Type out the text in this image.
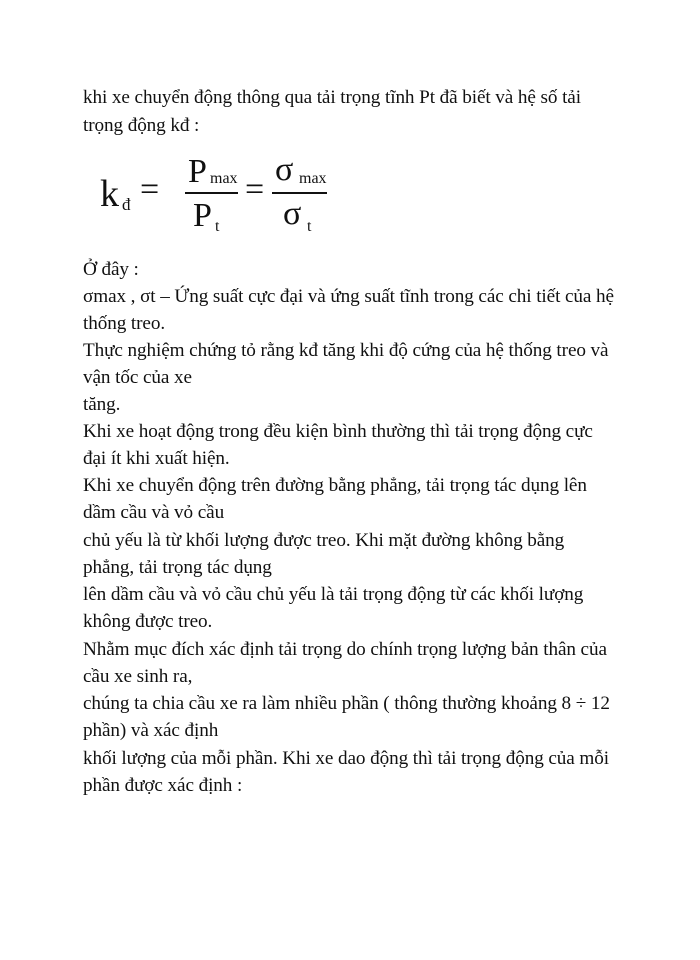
khi xe chuyển động thông qua tải trọng tĩnh Pt đã biết và hệ số tải
trọng động kđ :
k đ = P max
P t
=
σ max
σ t
Ở đây :
σmax , σt – Ứng suất cực đại và ứng suất tĩnh trong các chi tiết của hệ
thống treo.
Thực nghiệm chứng tỏ rằng kđ tăng khi độ cứng của hệ thống treo và
vận tốc của xe
tăng.
Khi xe hoạt động trong đều kiện bình thường thì tải trọng động cực
đại ít khi xuất hiện.
Khi xe chuyển động trên đường bằng phẳng, tải trọng tác dụng lên
dầm cầu và vỏ cầu
chủ yếu là từ khối lượng được treo. Khi mặt đường không bằng
phẳng, tải trọng tác dụng
lên dầm cầu và vỏ cầu chủ yếu là tải trọng động từ các khối lượng
không được treo.
Nhằm mục đích xác định tải trọng do chính trọng lượng bản thân của
cầu xe sinh ra,
chúng ta chia cầu xe ra làm nhiều phần ( thông thường khoảng 8 ÷ 12
phần) và xác định
khối lượng của mỗi phần. Khi xe dao động thì tải trọng động của mỗi
phần được xác định :
